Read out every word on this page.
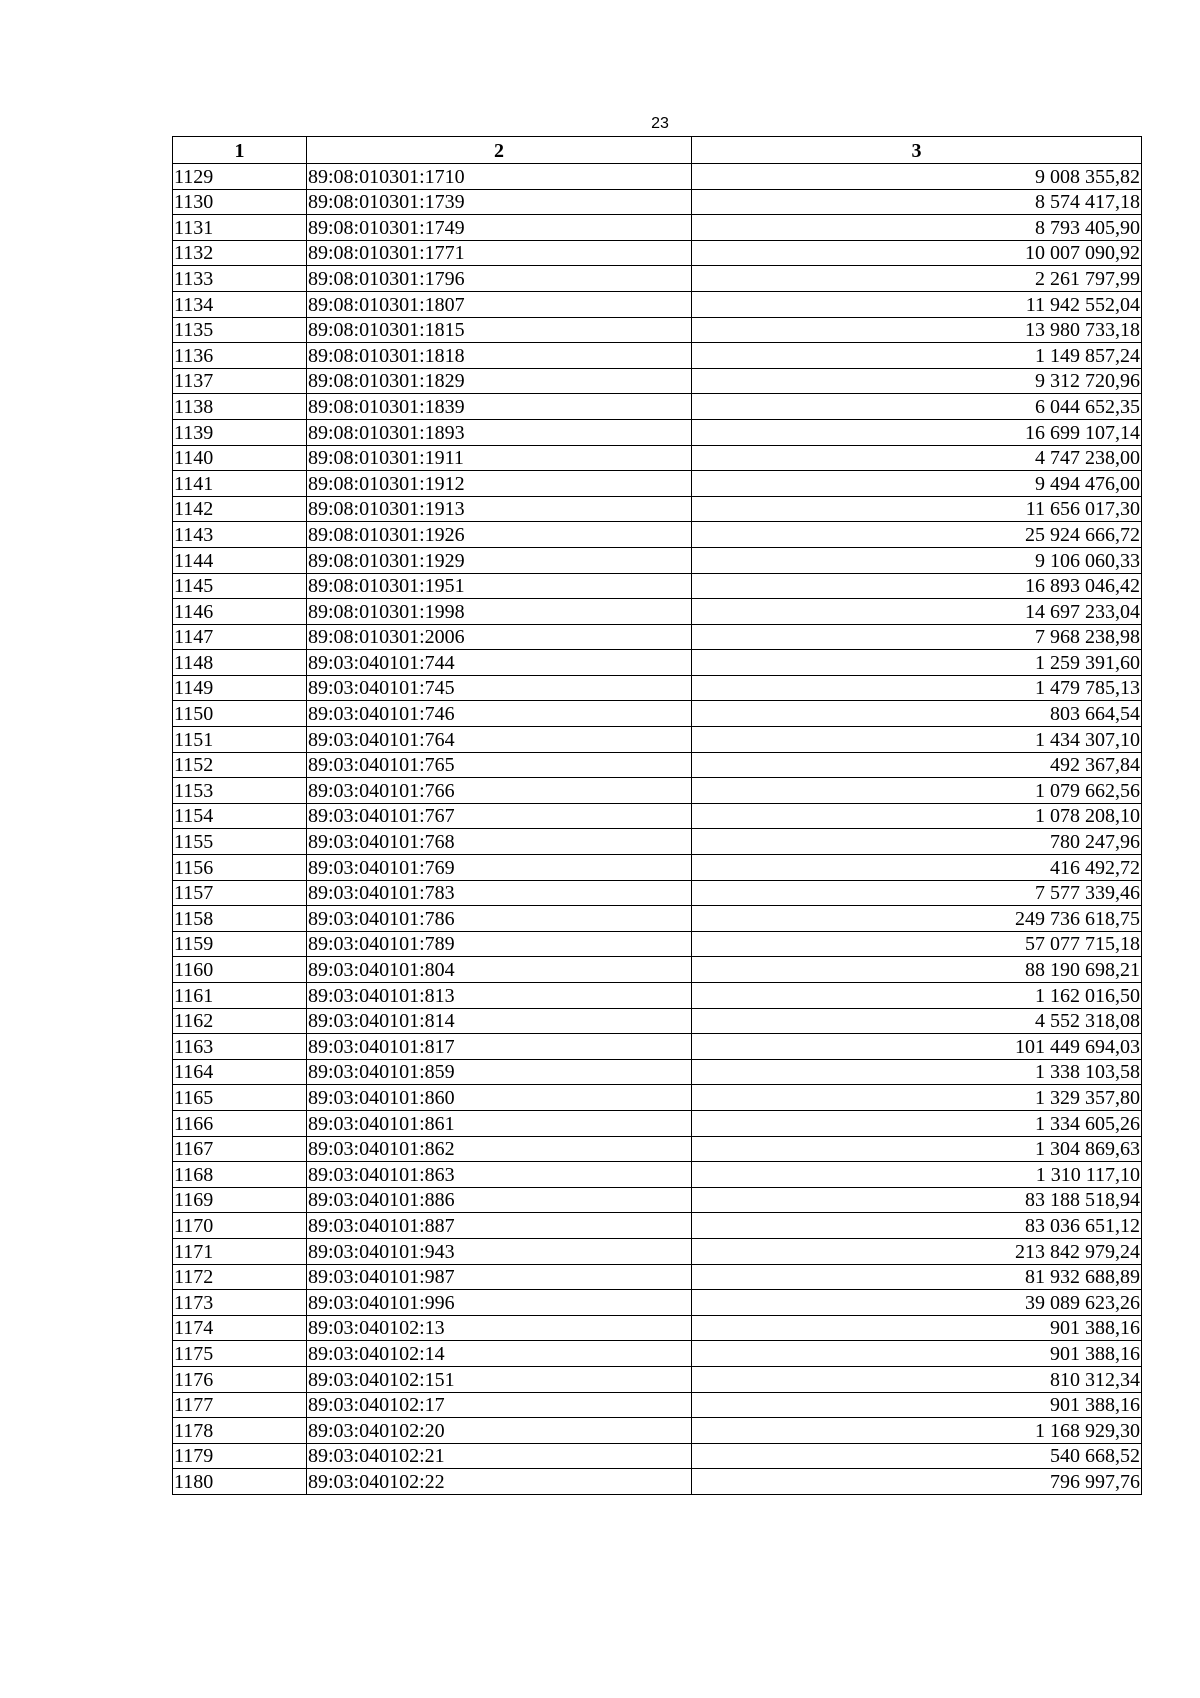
23
1	2	3
1129	89:08:010301:1710	9 008 355,82
1130	89:08:010301:1739	8 574 417,18
1131	89:08:010301:1749	8 793 405,90
1132	89:08:010301:1771	10 007 090,92
1133	89:08:010301:1796	2 261 797,99
1134	89:08:010301:1807	11 942 552,04
1135	89:08:010301:1815	13 980 733,18
1136	89:08:010301:1818	1 149 857,24
1137	89:08:010301:1829	9 312 720,96
1138	89:08:010301:1839	6 044 652,35
1139	89:08:010301:1893	16 699 107,14
1140	89:08:010301:1911	4 747 238,00
1141	89:08:010301:1912	9 494 476,00
1142	89:08:010301:1913	11 656 017,30
1143	89:08:010301:1926	25 924 666,72
1144	89:08:010301:1929	9 106 060,33
1145	89:08:010301:1951	16 893 046,42
1146	89:08:010301:1998	14 697 233,04
1147	89:08:010301:2006	7 968 238,98
1148	89:03:040101:744	1 259 391,60
1149	89:03:040101:745	1 479 785,13
1150	89:03:040101:746	803 664,54
1151	89:03:040101:764	1 434 307,10
1152	89:03:040101:765	492 367,84
1153	89:03:040101:766	1 079 662,56
1154	89:03:040101:767	1 078 208,10
1155	89:03:040101:768	780 247,96
1156	89:03:040101:769	416 492,72
1157	89:03:040101:783	7 577 339,46
1158	89:03:040101:786	249 736 618,75
1159	89:03:040101:789	57 077 715,18
1160	89:03:040101:804	88 190 698,21
1161	89:03:040101:813	1 162 016,50
1162	89:03:040101:814	4 552 318,08
1163	89:03:040101:817	101 449 694,03
1164	89:03:040101:859	1 338 103,58
1165	89:03:040101:860	1 329 357,80
1166	89:03:040101:861	1 334 605,26
1167	89:03:040101:862	1 304 869,63
1168	89:03:040101:863	1 310 117,10
1169	89:03:040101:886	83 188 518,94
1170	89:03:040101:887	83 036 651,12
1171	89:03:040101:943	213 842 979,24
1172	89:03:040101:987	81 932 688,89
1173	89:03:040101:996	39 089 623,26
1174	89:03:040102:13	901 388,16
1175	89:03:040102:14	901 388,16
1176	89:03:040102:151	810 312,34
1177	89:03:040102:17	901 388,16
1178	89:03:040102:20	1 168 929,30
1179	89:03:040102:21	540 668,52
1180	89:03:040102:22	796 997,76
